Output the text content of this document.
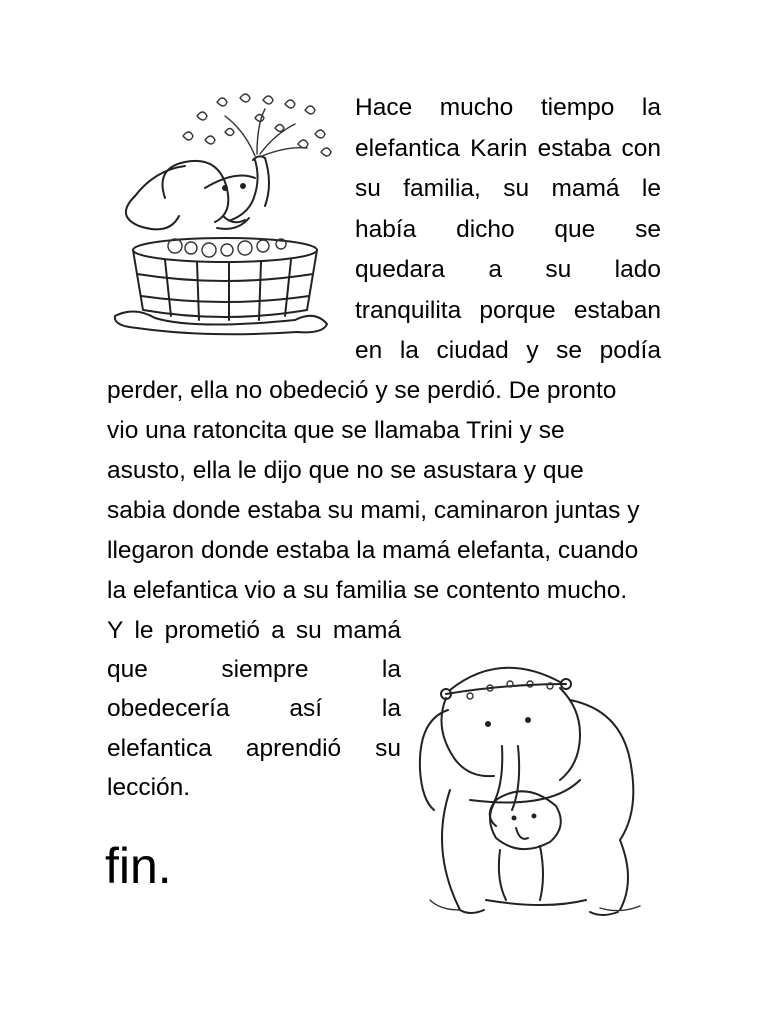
Hace mucho tiempo la
elefantica Karin estaba con
su familia, su mamá le
había dicho que se
quedara a su lado
tranquilita porque estaban
en la ciudad y se podía
perder, ella no obedeció y se perdió. De pronto
vio una ratoncita que se llamaba Trini y se
asusto, ella le dijo que no se asustara y que
sabia donde estaba su mami, caminaron juntas y
llegaron donde estaba la mamá elefanta, cuando
la elefantica vio a su familia se contento mucho.
Y le prometió a su mamá
que	siempre	la
obedecería así la
elefantica aprendió su
lección.
fin.
